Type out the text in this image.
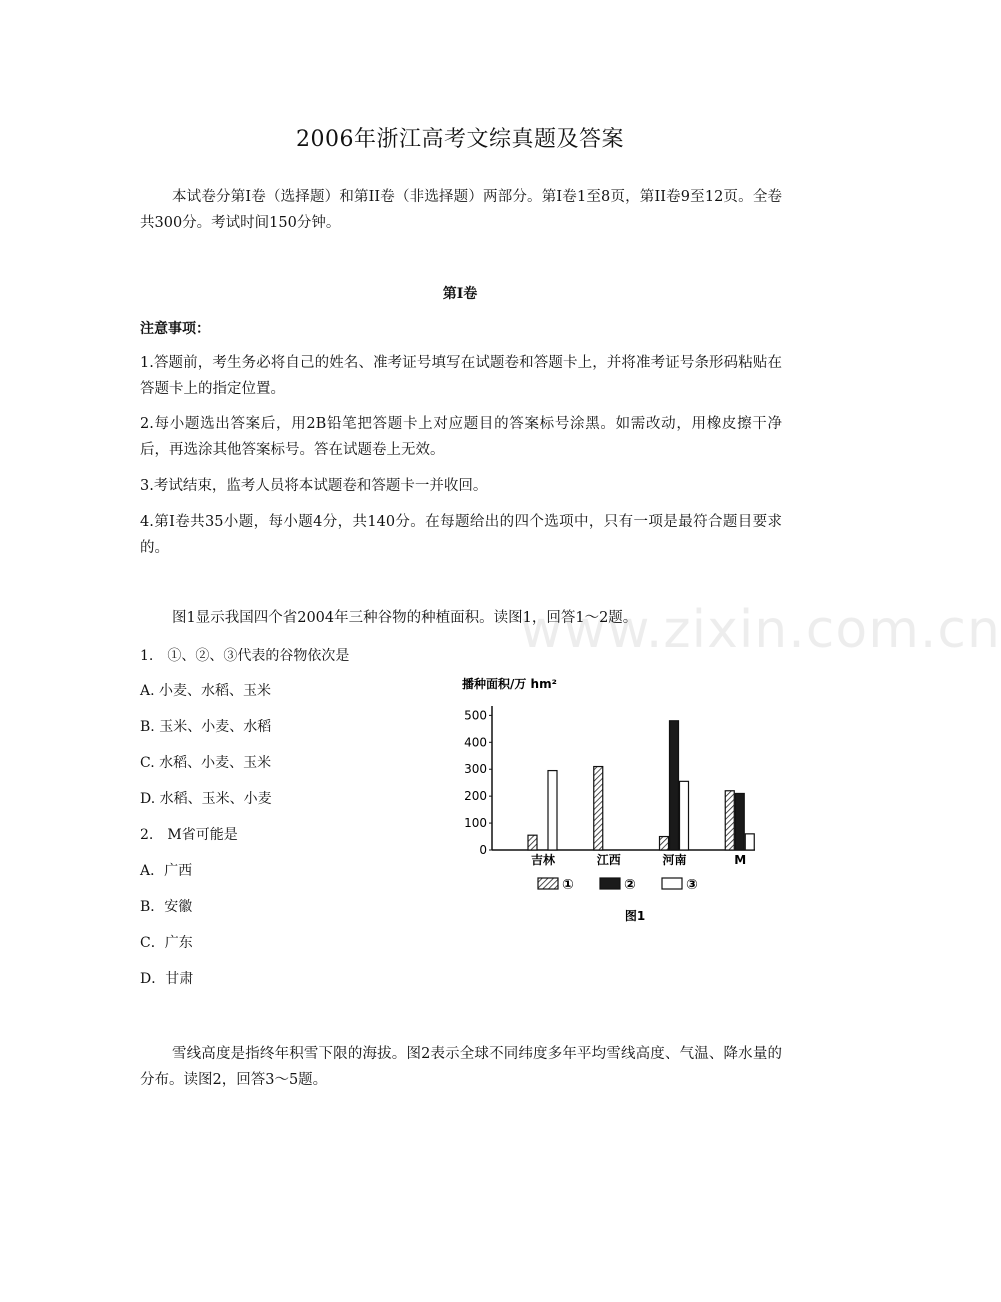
www.zixin.com.cn
2006年浙江高考文综真题及答案
本试卷分第Ⅰ卷（选择题）和第II卷（非选择题）两部分。第Ⅰ卷1至8页，第II卷9至12页。全卷共300分。考试时间150分钟。
第Ⅰ卷
注意事项：
1.答题前，考生务必将自己的姓名、准考证号填写在试题卷和答题卡上，并将准考证号条形码粘贴在答题卡上的指定位置。
2.每小题选出答案后，用2B铅笔把答题卡上对应题目的答案标号涂黑。如需改动，用橡皮擦干净后，再选涂其他答案标号。答在试题卷上无效。
3.考试结束，监考人员将本试题卷和答题卡一并收回。
4.第Ⅰ卷共35小题，每小题4分，共140分。在每题给出的四个选项中，只有一项是最符合题目要求的。
图1显示我国四个省2004年三种谷物的种植面积。读图1，回答1～2题。
1.　①、②、③代表的谷物依次是
A. 小麦、水稻、玉米
B. 玉米、小麦、水稻
C. 水稻、小麦、玉米
D. 水稻、玉米、小麦
2.　M省可能是
A．广西
B．安徽
C．广东
D．甘肃
雪线高度是指终年积雪下限的海拔。图2表示全球不同纬度多年平均雪线高度、气温、降水量的分布。读图2，回答3～5题。
播种面积/万 hm²
0
100
200
300
400
500
吉林	江西	河南	M
①	②	③
图1
